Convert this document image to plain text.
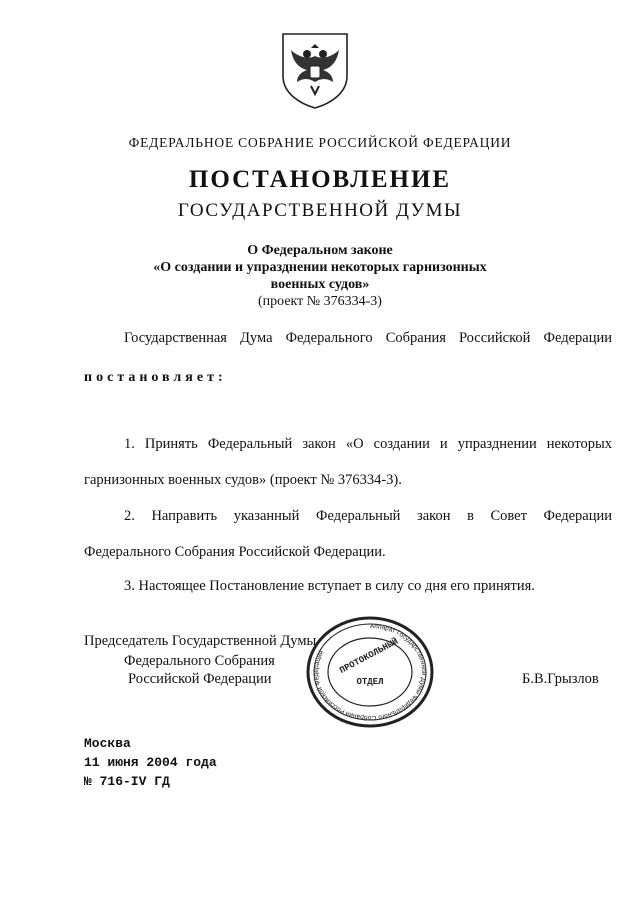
ФЕДЕРАЛЬНОЕ СОБРАНИЕ РОССИЙСКОЙ ФЕДЕРАЦИИ
ПОСТАНОВЛЕНИЕ
ГОСУДАРСТВЕННОЙ ДУМЫ
О Федеральном законе
«О создании и упразднении некоторых гарнизонных
военных судов»
(проект № 376334-3)
Государственная Дума Федерального Собрания Российской Федерации
постановляет:
1. Принять Федеральный закон «О создании и упразднении некоторых
гарнизонных военных судов» (проект № 376334-3).
2. Направить указанный Федеральный закон в Совет Федерации
Федерального Собрания Российской Федерации.
3. Настоящее Постановление вступает в силу со дня его принятия.
Председатель Государственной Думы
Федерального Собрания
Российской Федерации	Б.В.Грызлов
Аппарат Государственной Думы Федерального Собрания Российской Федерации	ПРОТОКОЛЬНЫЙ
ОТДЕЛ
Москва
11 июня 2004 года
№ 716-IV ГД
